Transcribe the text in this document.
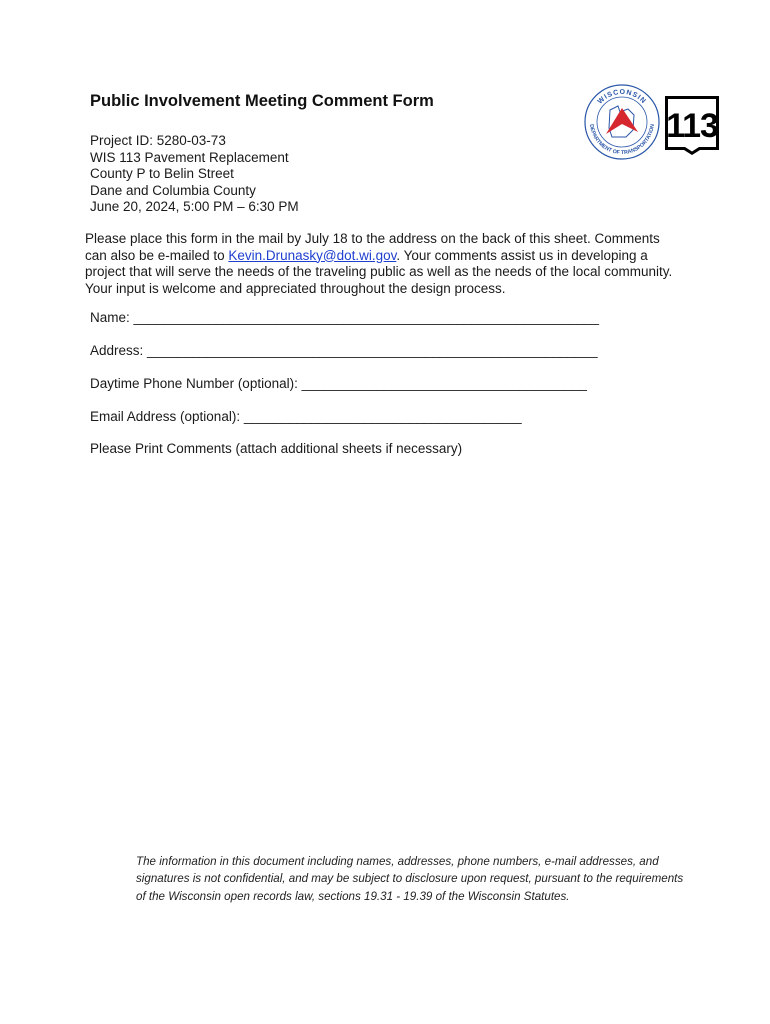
Public Involvement Meeting Comment Form
Project ID: 5280-03-73
WIS 113 Pavement Replacement
County P to Belin Street
Dane and Columbia County
June 20, 2024, 5:00 PM – 6:30 PM
WISCONSIN
DEPARTMENT OF TRANSPORTATION 113
Please place this form in the mail by July 18 to the address on the back of this sheet. Comments can also be e-mailed to Kevin.Drunasky@dot.wi.gov. Your comments assist us in developing a project that will serve the needs of the traveling public as well as the needs of the local community. Your input is welcome and appreciated throughout the design process.
Name: ______________________________________________________________
Address: ____________________________________________________________
Daytime Phone Number (optional): ______________________________________
Email Address (optional): _____________________________________
Please Print Comments (attach additional sheets if necessary)
The information in this document including names, addresses, phone numbers, e-mail addresses, and signatures is not confidential, and may be subject to disclosure upon request, pursuant to the requirements of the Wisconsin open records law, sections 19.31 - 19.39 of the Wisconsin Statutes.
